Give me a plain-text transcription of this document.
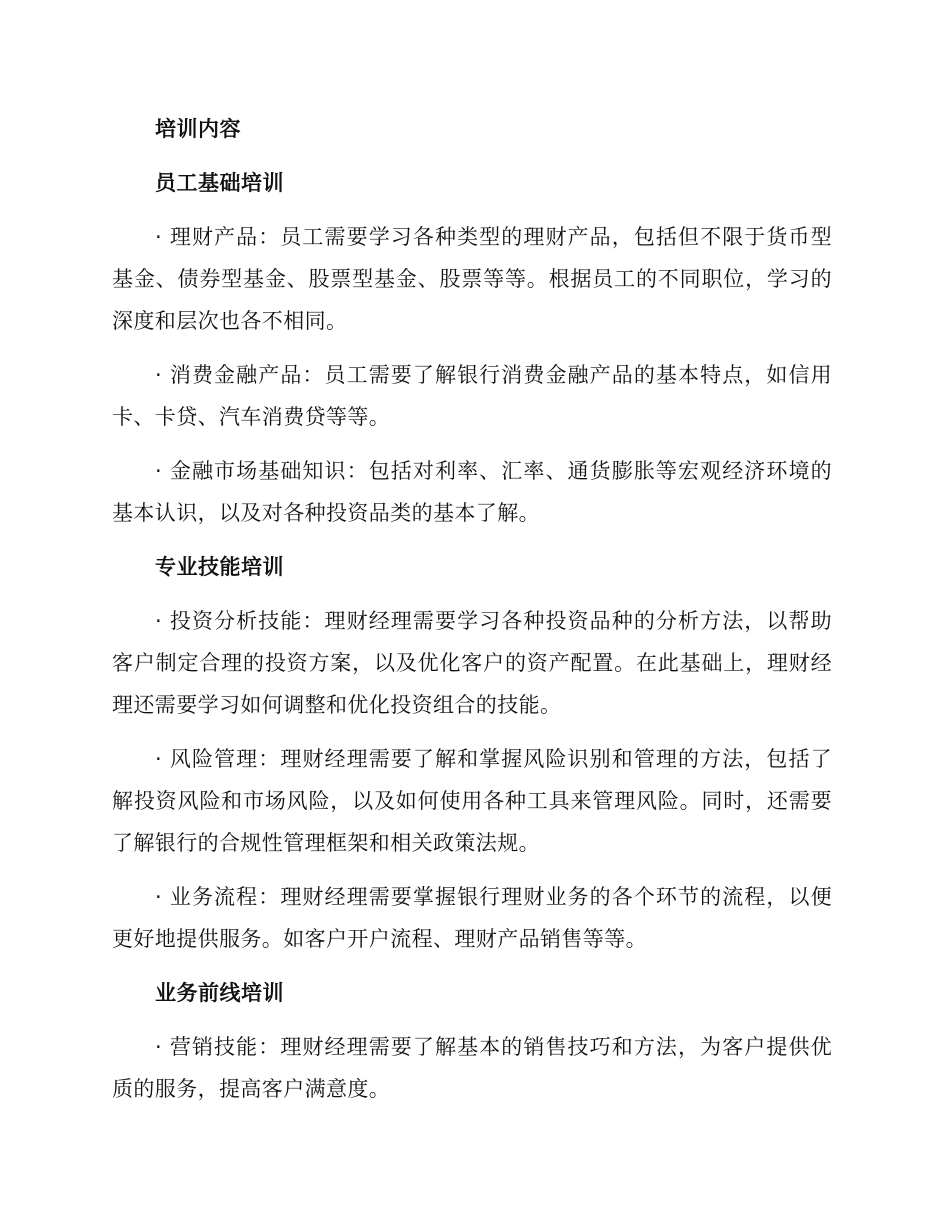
培训内容
员工基础培训

· 理财产品：员工需要学习各种类型的理财产品，包括但不限于货币型基金、债券型基金、股票型基金、股票等等。根据员工的不同职位，学习的深度和层次也各不相同。

· 消费金融产品：员工需要了解银行消费金融产品的基本特点，如信用卡、卡贷、汽车消费贷等等。

· 金融市场基础知识：包括对利率、汇率、通货膨胀等宏观经济环境的基本认识，以及对各种投资品类的基本了解。

专业技能培训

· 投资分析技能：理财经理需要学习各种投资品种的分析方法，以帮助客户制定合理的投资方案，以及优化客户的资产配置。在此基础上，理财经理还需要学习如何调整和优化投资组合的技能。

· 风险管理：理财经理需要了解和掌握风险识别和管理的方法，包括了解投资风险和市场风险，以及如何使用各种工具来管理风险。同时，还需要了解银行的合规性管理框架和相关政策法规。

· 业务流程：理财经理需要掌握银行理财业务的各个环节的流程，以便更好地提供服务。如客户开户流程、理财产品销售等等。

业务前线培训

· 营销技能：理财经理需要了解基本的销售技巧和方法，为客户提供优质的服务，提高客户满意度。
